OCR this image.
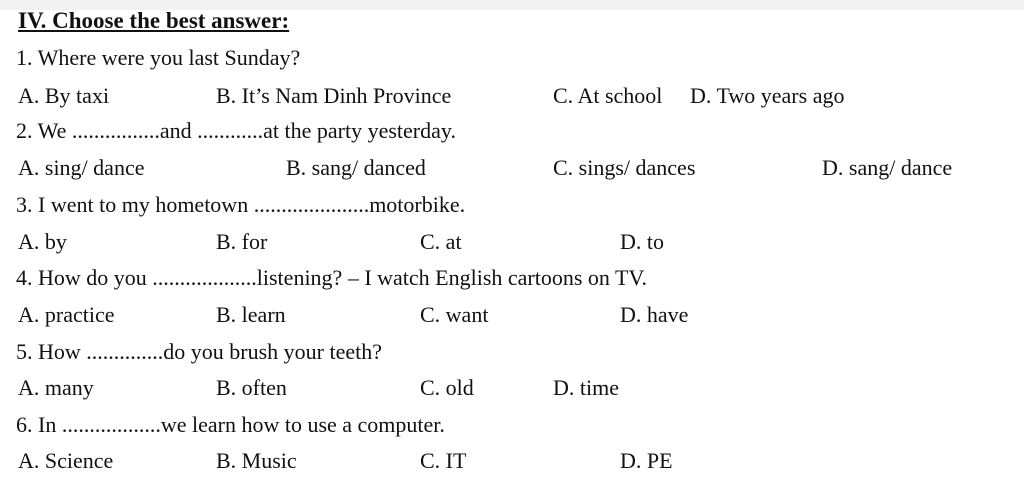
IV. Choose the best answer:
1. Where were you last Sunday?
A. By taxi	B. It’s Nam Dinh Province	C. At school D. Two years ago
2. We ................and ............at the party yesterday.
A. sing/ dance	B. sang/ danced	C. sings/ dances	D. sang/ dance
3. I went to my hometown .....................motorbike.
A. by	B. for	C. at	D. to
4. How do you ...................listening? – I watch English cartoons on TV.
A. practice	B. learn	C. want	D. have
5. How ..............do you brush your teeth?
A. many	B. often	C. old	D. time
6. In ..................we learn how to use a computer.
A. Science	B. Music	C. IT	D. PE
